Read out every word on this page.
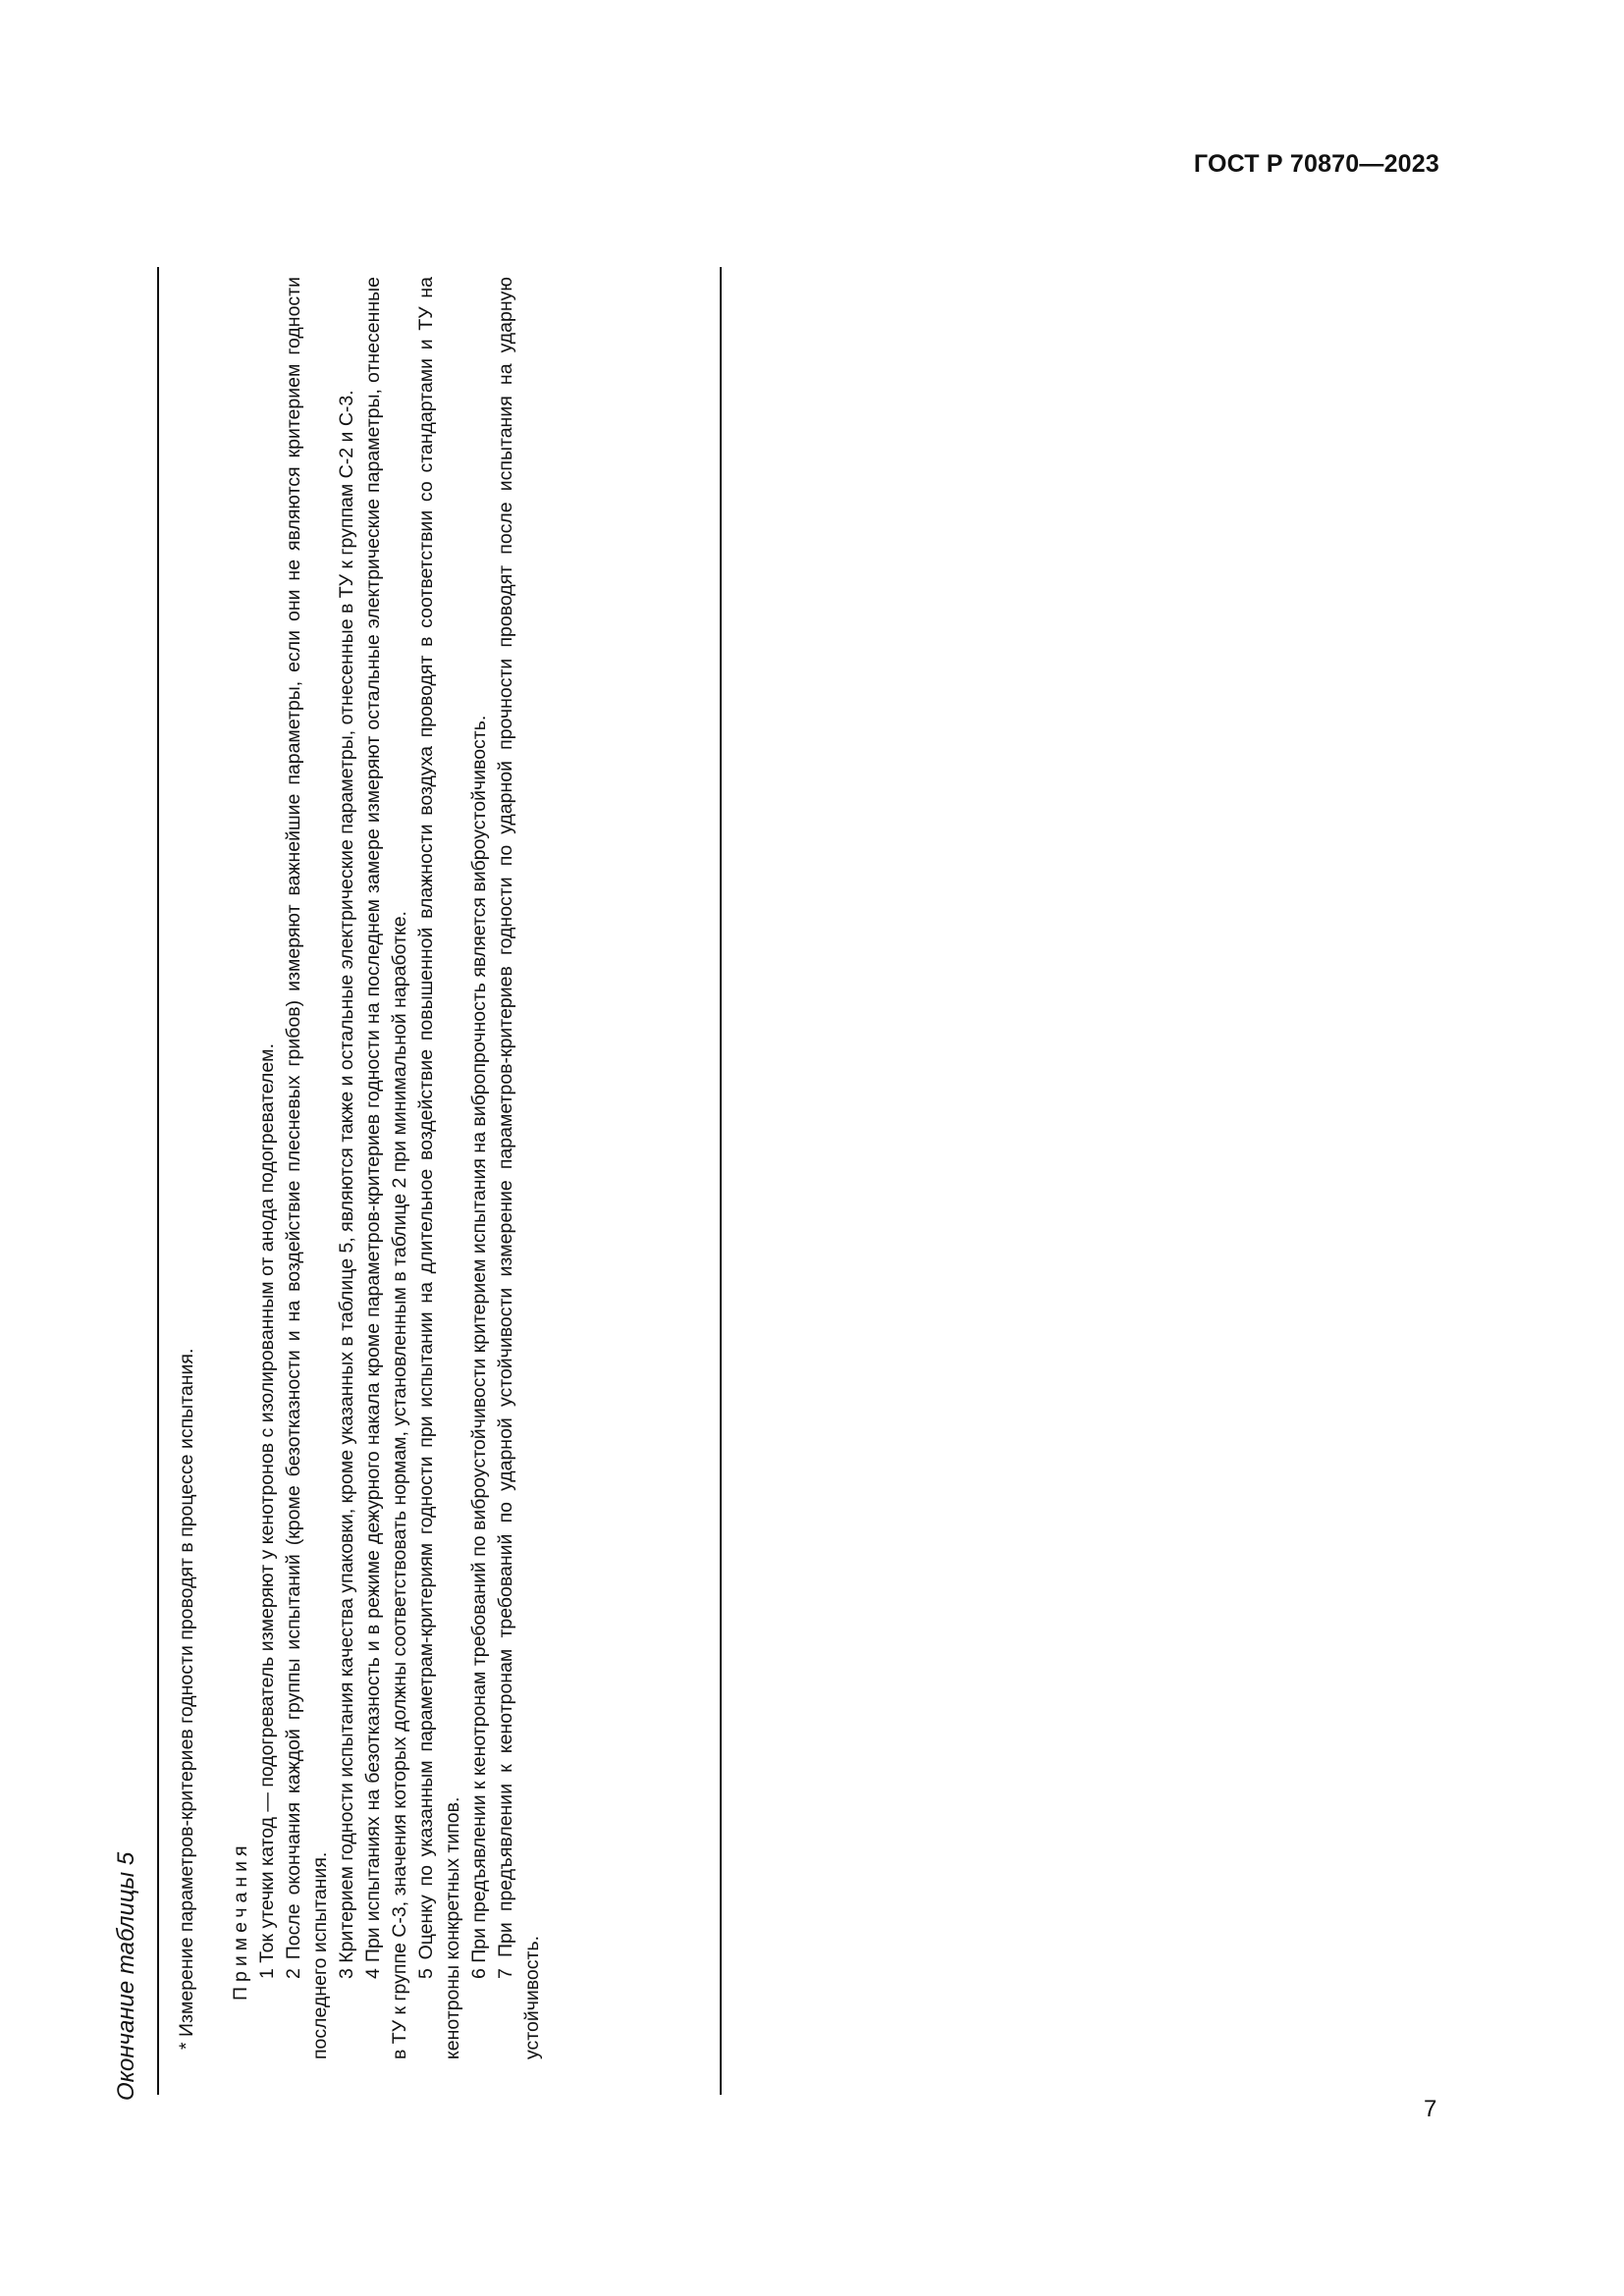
ГОСТ Р 70870—2023
Окончание таблицы 5 * Измерение параметров-критериев годности проводят в процессе испытания. Примечания 1 Ток утечки катод — подогреватель измеряют у кенотронов с изолированным от анода подогревателем. 2 После окончания каждой группы испытаний (кроме безотказности и на воздействие плесневых грибов) измеряют важнейшие параметры, если они не являются критерием годности последнего испытания. 3 Критерием годности испытания качества упаковки, кроме указанных в таблице 5, являются также и остальные электрические параметры, отнесенные в ТУ к группам С-2 и С-3. 4 При испытаниях на безотказность и в режиме дежурного накала кроме параметров-критериев годности на последнем замере измеряют остальные электрические параметры, отнесенные в ТУ к группе С-3, значения которых должны соответствовать нормам, установленным в таблице 2 при минимальной наработке. 5 Оценку по указанным параметрам-критериям годности при испытании на длительное воздействие повышенной влажности воздуха проводят в соответствии со стандартами и ТУ на кенотроны конкретных типов. 6 При предъявлении к кенотронам требований по виброустойчивости критерием испытания на вибропрочность является виброустойчивость. 7 При предъявлении к кенотронам требований по ударной устойчивости измерение параметров-критериев годности по ударной прочности проводят после испытания на ударную устойчивость.

7
